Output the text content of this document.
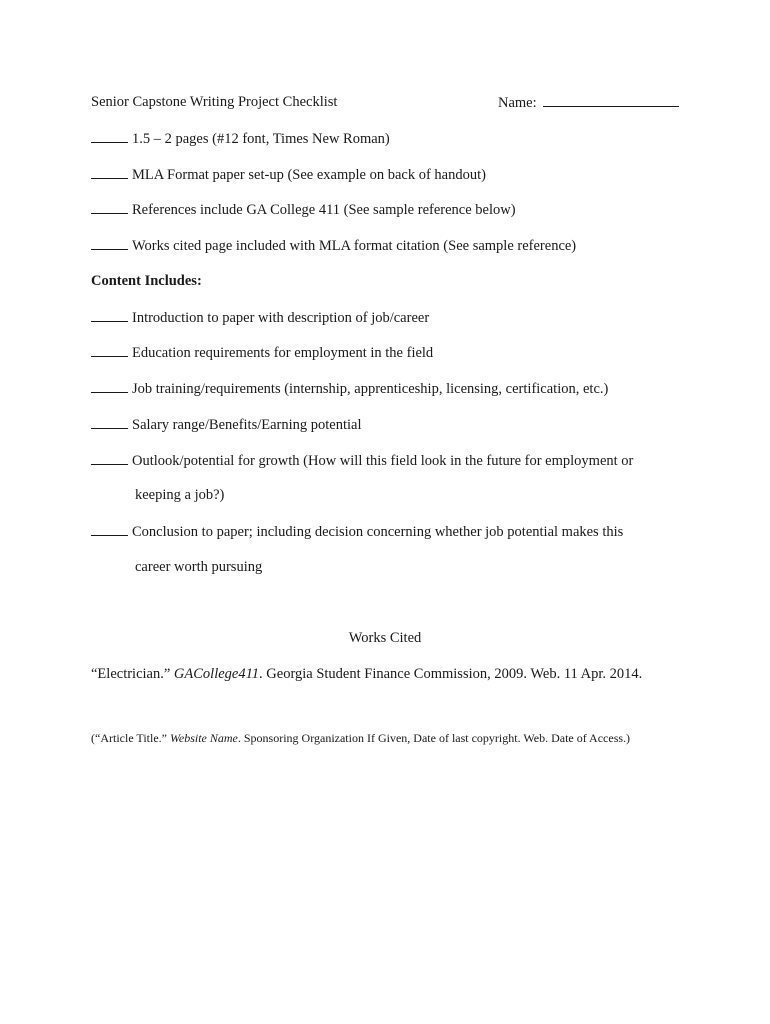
Senior Capstone Writing Project Checklist	Name:
1.5 – 2 pages (#12 font, Times New Roman)
MLA Format paper set-up (See example on back of handout)
References include GA College 411 (See sample reference below)
Works cited page included with MLA format citation (See sample reference)
Content Includes:
Introduction to paper with description of job/career
Education requirements for employment in the field
Job training/requirements (internship, apprenticeship, licensing, certification, etc.)
Salary range/Benefits/Earning potential
Outlook/potential for growth (How will this field look in the future for employment or
keeping a job?)
Conclusion to paper; including decision concerning whether job potential makes this
career worth pursuing
Works Cited
“Electrician.” GACollege411. Georgia Student Finance Commission, 2009. Web. 11 Apr. 2014.
(“Article Title.” Website Name. Sponsoring Organization If Given, Date of last copyright. Web. Date of Access.)
